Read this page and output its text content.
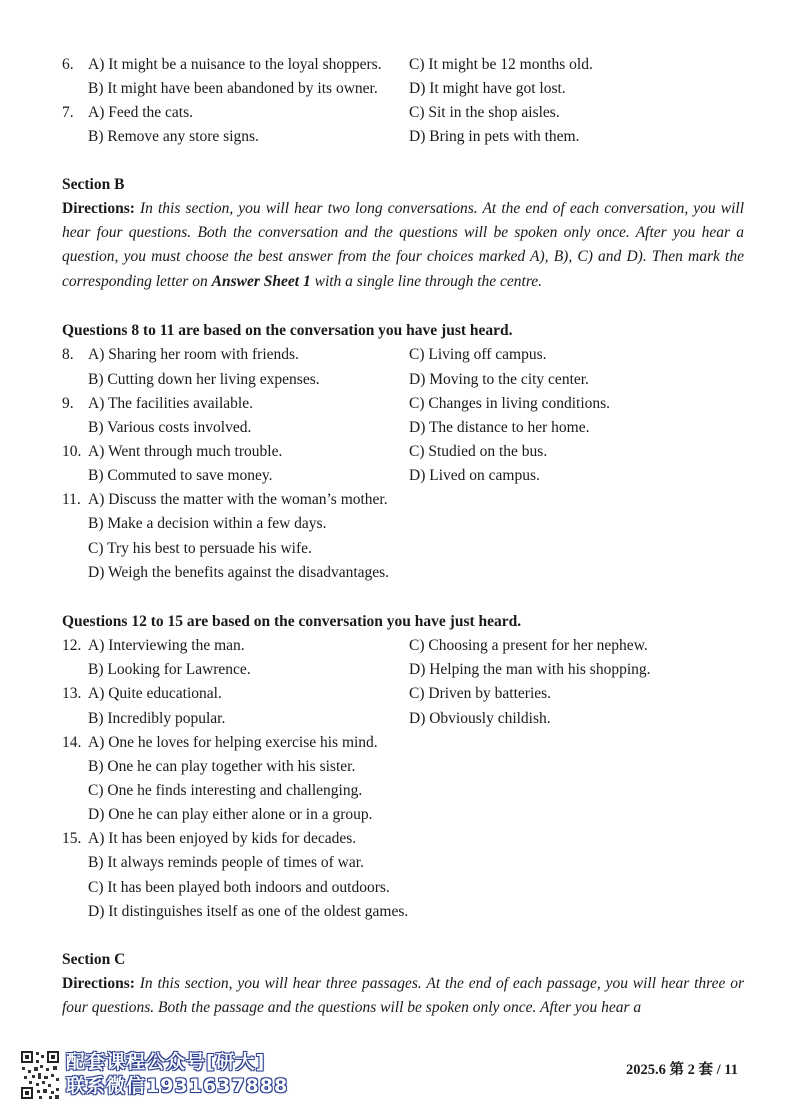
6. A) It might be a nuisance to the loyal shoppers. C) It might be 12 months old.
B) It might have been abandoned by its owner. D) It might have got lost.
7. A) Feed the cats.	C) Sit in the shop aisles.
B) Remove any store signs.	D) Bring in pets with them.
Section B
Directions: In this section, you will hear two long conversations. At the end of each conversation, you will hear four questions. Both the conversation and the questions will be spoken only once. After you hear a question, you must choose the best answer from the four choices marked A), B), C) and D). Then mark the corresponding letter on Answer Sheet 1 with a single line through the centre.
Questions 8 to 11 are based on the conversation you have just heard.
8. A) Sharing her room with friends.	C) Living off campus.
B) Cutting down her living expenses.	D) Moving to the city center.
9. A) The facilities available.	C) Changes in living conditions.
B) Various costs involved.	D) The distance to her home.
10. A) Went through much trouble.	C) Studied on the bus.
B) Commuted to save money.	D) Lived on campus.
11. A) Discuss the matter with the woman’s mother.
B) Make a decision within a few days.
C) Try his best to persuade his wife.
D) Weigh the benefits against the disadvantages.
Questions 12 to 15 are based on the conversation you have just heard.
12. A) Interviewing the man.	C) Choosing a present for her nephew.
B) Looking for Lawrence.	D) Helping the man with his shopping.
13. A) Quite educational.	C) Driven by batteries.
B) Incredibly popular.	D) Obviously childish.
14. A) One he loves for helping exercise his mind.
B) One he can play together with his sister.
C) One he finds interesting and challenging.
D) One he can play either alone or in a group.
15. A) It has been enjoyed by kids for decades.
B) It always reminds people of times of war.
C) It has been played both indoors and outdoors.
D) It distinguishes itself as one of the oldest games.
Section C
Directions: In this section, you will hear three passages. At the end of each passage, you will hear three or four questions. Both the passage and the questions will be spoken only once. After you hear a
配套课程公众号[研大]
联系微信1931637888
2025.6 第 2 套 / 11
